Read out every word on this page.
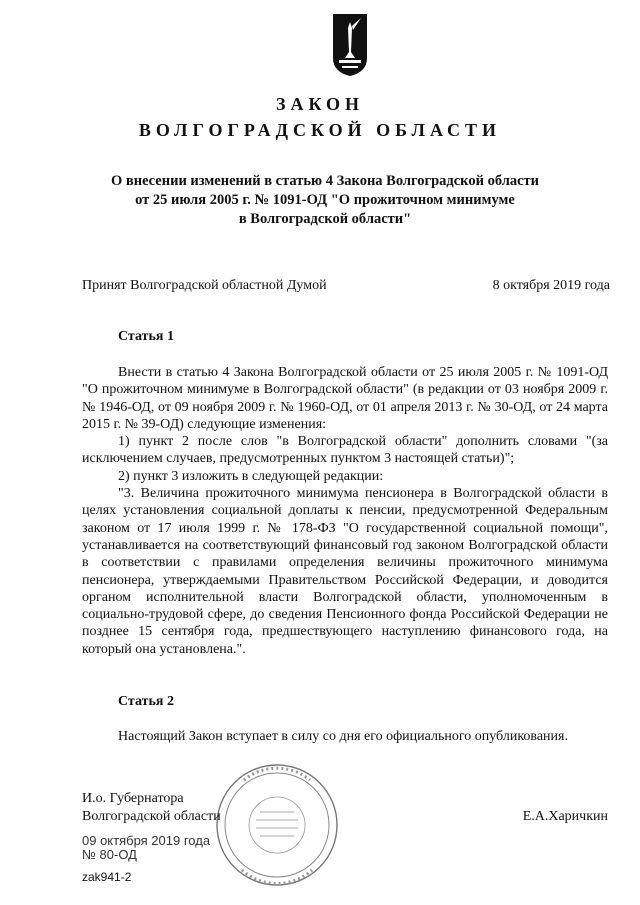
ЗАКОН
ВОЛГОГРАДСКОЙ ОБЛАСТИ
О внесении изменений в статью 4 Закона Волгоградской области
от 25 июля 2005 г. № 1091-ОД "О прожиточном минимуме
в Волгоградской области"
Принят Волгоградской областной Думой	8 октября 2019 года
Статья 1

Внести в статью 4 Закона Волгоградской области от 25 июля 2005 г. № 1091-ОД "О прожиточном минимуме в Волгоградской области" (в редакции от 03 ноября 2009 г. № 1946-ОД, от 09 ноября 2009 г. № 1960-ОД, от 01 апреля 2013 г. № 30-ОД, от 24 марта 2015 г. № 39-ОД) следующие изменения:

1) пункт 2 после слов "в Волгоградской области" дополнить словами "(за исключением случаев, предусмотренных пунктом 3 настоящей статьи)";

2) пункт 3 изложить в следующей редакции:

"3. Величина прожиточного минимума пенсионера в Волгоградской области в целях установления социальной доплаты к пенсии, предусмотренной Федеральным законом от 17 июля 1999 г. № 178-ФЗ "О государственной социальной помощи", устанавливается на соответствующий финансовый год законом Волгоградской области в соответствии с правилами определения величины прожиточного минимума пенсионера, утверждаемыми Правительством Российской Федерации, и доводится органом исполнительной власти Волгоградской области, уполномоченным в социально-трудовой сфере, до сведения Пенсионного фонда Российской Федерации не позднее 15 сентября года, предшествующего наступлению финансового года, на который она установлена.".

Статья 2

Настоящий Закон вступает в силу со дня его официального опубликования.

И.о. Губернатора
Волгоградской области	Е.А.Харичкин
09 октября 2019 года
№ 80-ОД
zak941-2
